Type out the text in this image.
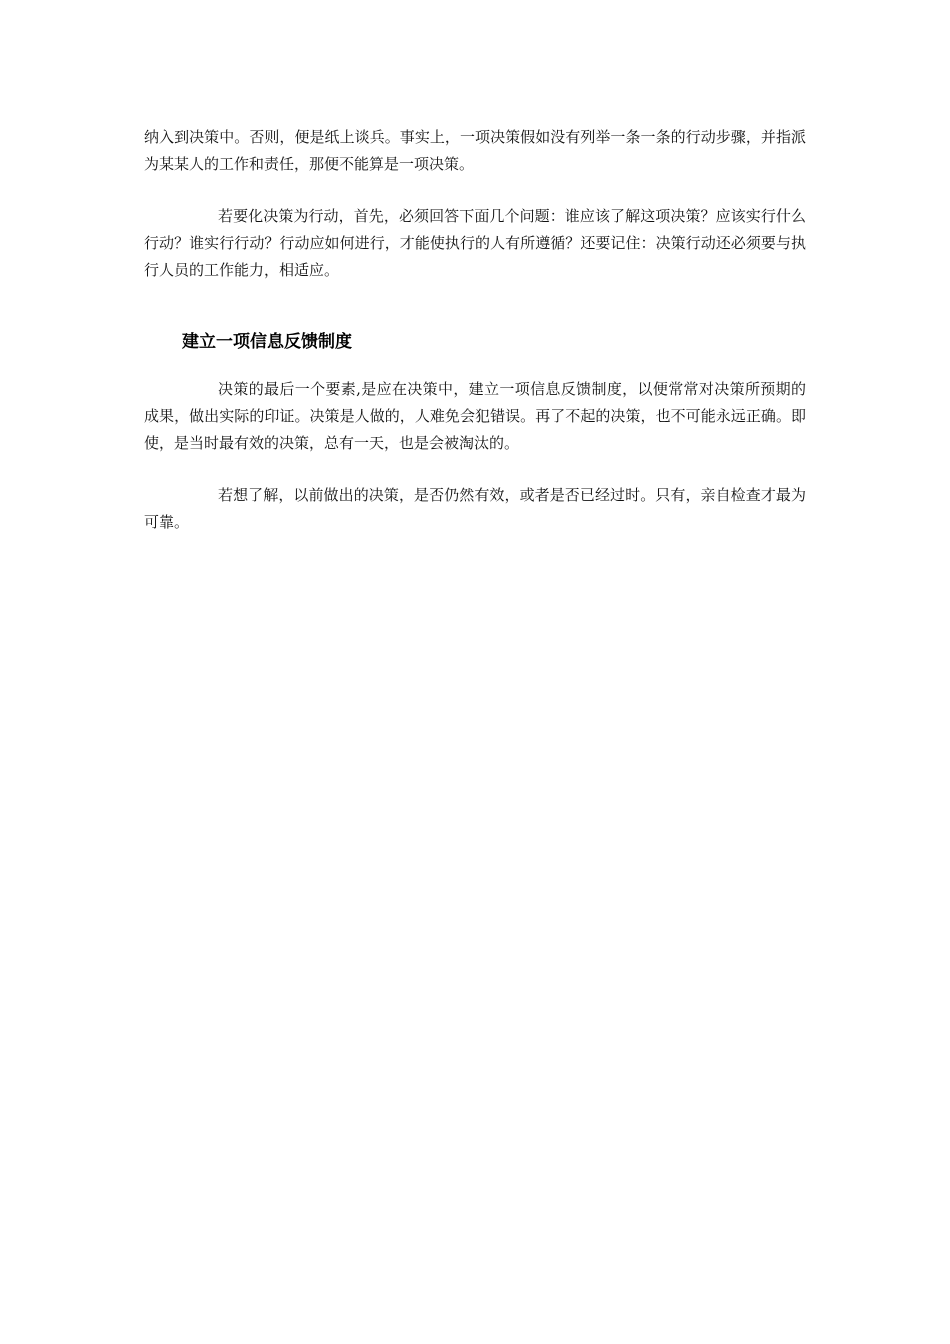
纳入到决策中。否则，便是纸上谈兵。事实上，一项决策假如没有列举一条一条的行动步骤，并指派为某某人的工作和责任，那便不能算是一项决策。

若要化决策为行动，首先，必须回答下面几个问题：谁应该了解这项决策？应该实行什么行动？谁实行行动？行动应如何进行，才能使执行的人有所遵循？还要记住：决策行动还必须要与执行人员的工作能力，相适应。

建立一项信息反馈制度

决策的最后一个要素,是应在决策中，建立一项信息反馈制度，以便常常对决策所预期的成果，做出实际的印证。决策是人做的，人难免会犯错误。再了不起的决策，也不可能永远正确。即使，是当时最有效的决策，总有一天，也是会被淘汰的。

若想了解，以前做出的决策，是否仍然有效，或者是否已经过时。只有，亲自检查才最为可靠。
